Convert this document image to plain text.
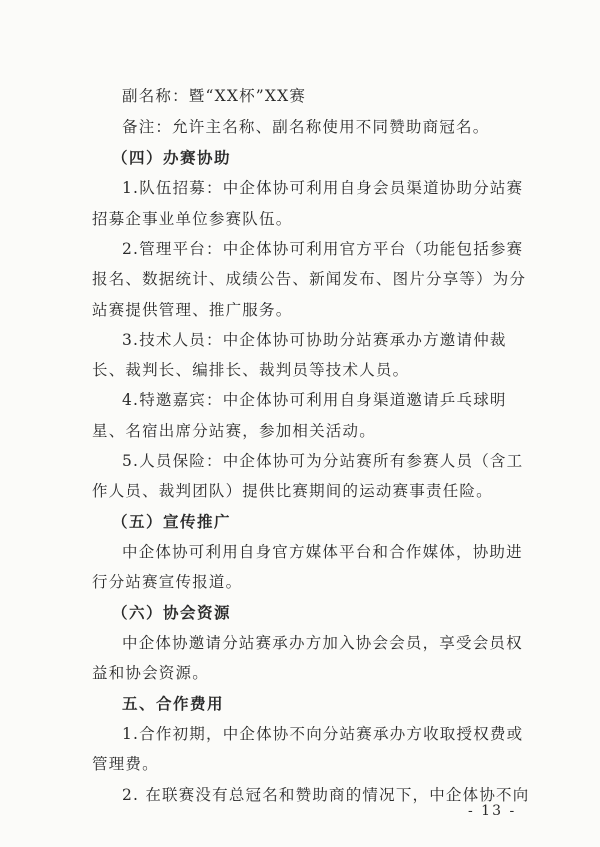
副名称：暨“XX杯”XX赛
备注：允许主名称、副名称使用不同赞助商冠名。
（四）办赛协助
1.队伍招募：中企体协可利用自身会员渠道协助分站赛
招募企事业单位参赛队伍。
2.管理平台：中企体协可利用官方平台（功能包括参赛
报名、数据统计、成绩公告、新闻发布、图片分享等）为分
站赛提供管理、推广服务。
3.技术人员：中企体协可协助分站赛承办方邀请仲裁
长、裁判长、编排长、裁判员等技术人员。
4.特邀嘉宾：中企体协可利用自身渠道邀请乒乓球明
星、名宿出席分站赛，参加相关活动。
5.人员保险：中企体协可为分站赛所有参赛人员（含工
作人员、裁判团队）提供比赛期间的运动赛事责任险。
（五）宣传推广
中企体协可利用自身官方媒体平台和合作媒体，协助进
行分站赛宣传报道。
（六）协会资源
中企体协邀请分站赛承办方加入协会会员，享受会员权
益和协会资源。
五、合作费用
1.合作初期，中企体协不向分站赛承办方收取授权费或
管理费。
2. 在联赛没有总冠名和赞助商的情况下，中企体协不向
- 13 -
